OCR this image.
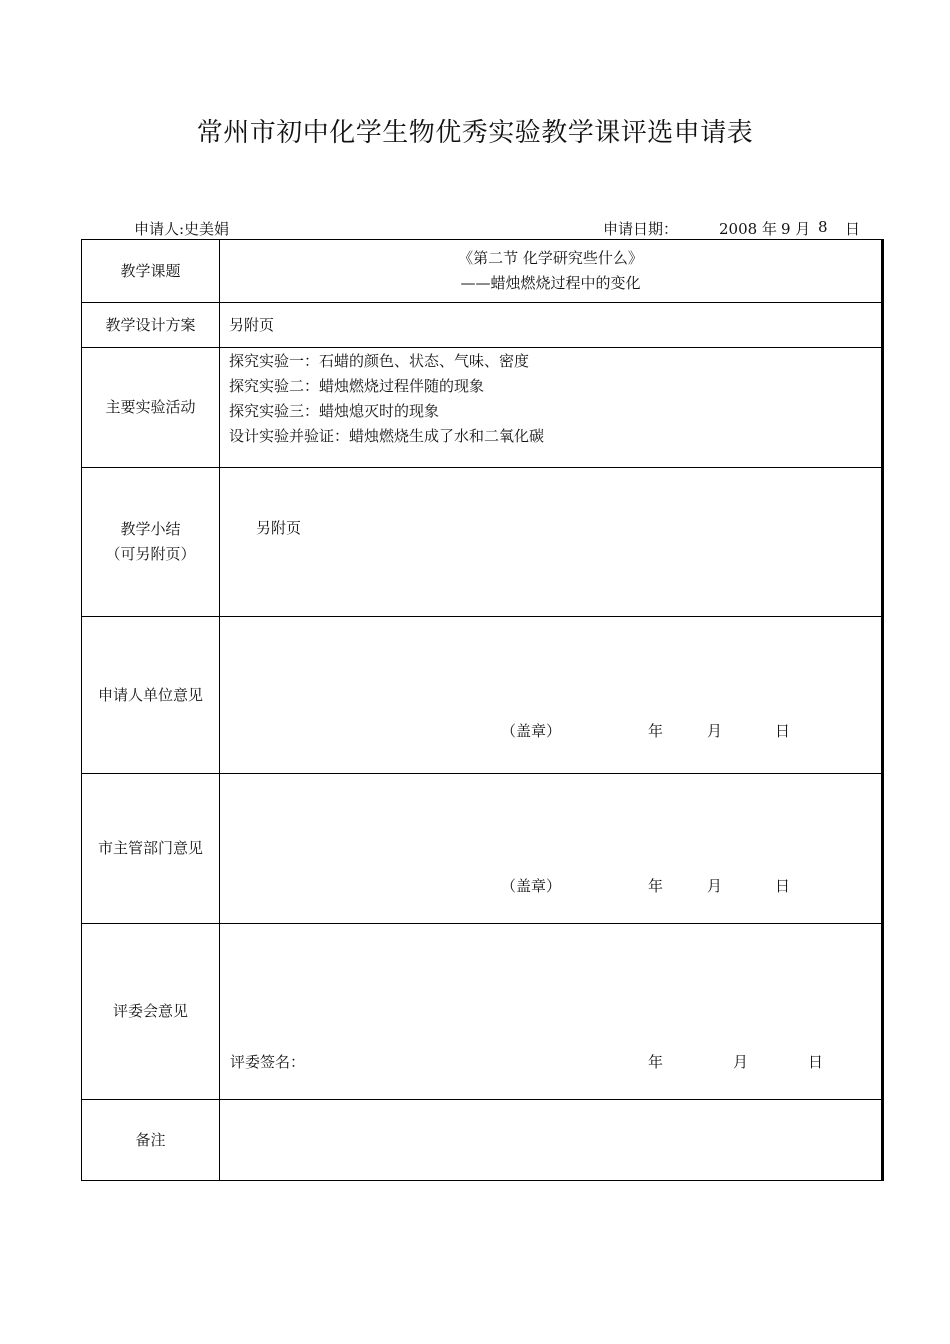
常州市初中化学生物优秀实验教学课评选申请表
申请人:史美娟	申请日期：	2008 年 9 月 8 日
教学课题	《第二节 化学研究些什么》
——蜡烛燃烧过程中的变化

教学设计方案	另附页
主要实验活动	探究实验一：石蜡的颜色、状态、气味、密度
探究实验二：蜡烛燃烧过程伴随的现象
探究实验三：蜡烛熄灭时的现象
设计实验并验证：蜡烛燃烧生成了水和二氧化碳

教学小结
（可另附页）	另附页
申请人单位意见	（盖章） 年 月 日

市主管部门意见	（盖章） 年 月 日

评委会意见	评委签名： 年 月 日

备注	
